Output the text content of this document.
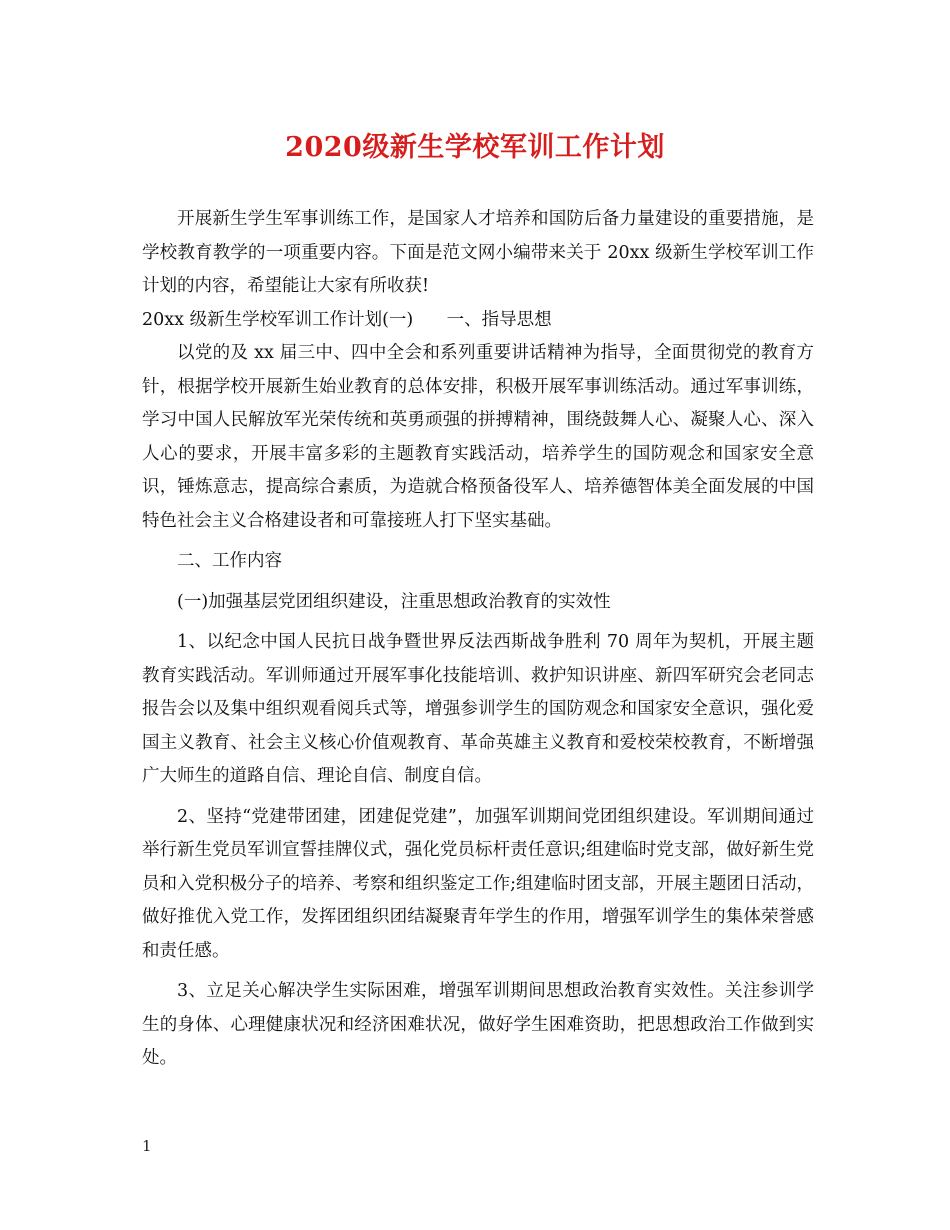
2020级新生学校军训工作计划

开展新生学生军事训练工作，是国家人才培养和国防后备力量建设的重要措施，是学校教育教学的一项重要内容。下面是范文网小编带来关于 20xx 级新生学校军训工作计划的内容，希望能让大家有所收获!

20xx 级新生学校军训工作计划(一)      一、指导思想

以党的及 xx 届三中、四中全会和系列重要讲话精神为指导，全面贯彻党的教育方针，根据学校开展新生始业教育的总体安排，积极开展军事训练活动。通过军事训练，学习中国人民解放军光荣传统和英勇顽强的拼搏精神，围绕鼓舞人心、凝聚人心、深入人心的要求，开展丰富多彩的主题教育实践活动，培养学生的国防观念和国家安全意识，锤炼意志，提高综合素质，为造就合格预备役军人、培养德智体美全面发展的中国特色社会主义合格建设者和可靠接班人打下坚实基础。

二、工作内容

(一)加强基层党团组织建设，注重思想政治教育的实效性

1、以纪念中国人民抗日战争暨世界反法西斯战争胜利 70 周年为契机，开展主题教育实践活动。军训师通过开展军事化技能培训、救护知识讲座、新四军研究会老同志报告会以及集中组织观看阅兵式等，增强参训学生的国防观念和国家安全意识，强化爱国主义教育、社会主义核心价值观教育、革命英雄主义教育和爱校荣校教育，不断增强广大师生的道路自信、理论自信、制度自信。

2、坚持“党建带团建，团建促党建”，加强军训期间党团组织建设。军训期间通过举行新生党员军训宣誓挂牌仪式，强化党员标杆责任意识;组建临时党支部，做好新生党员和入党积极分子的培养、考察和组织鉴定工作;组建临时团支部，开展主题团日活动，做好推优入党工作，发挥团组织团结凝聚青年学生的作用，增强军训学生的集体荣誉感和责任感。

3、立足关心解决学生实际困难，增强军训期间思想政治教育实效性。关注参训学生的身体、心理健康状况和经济困难状况，做好学生困难资助，把思想政治工作做到实处。

1
